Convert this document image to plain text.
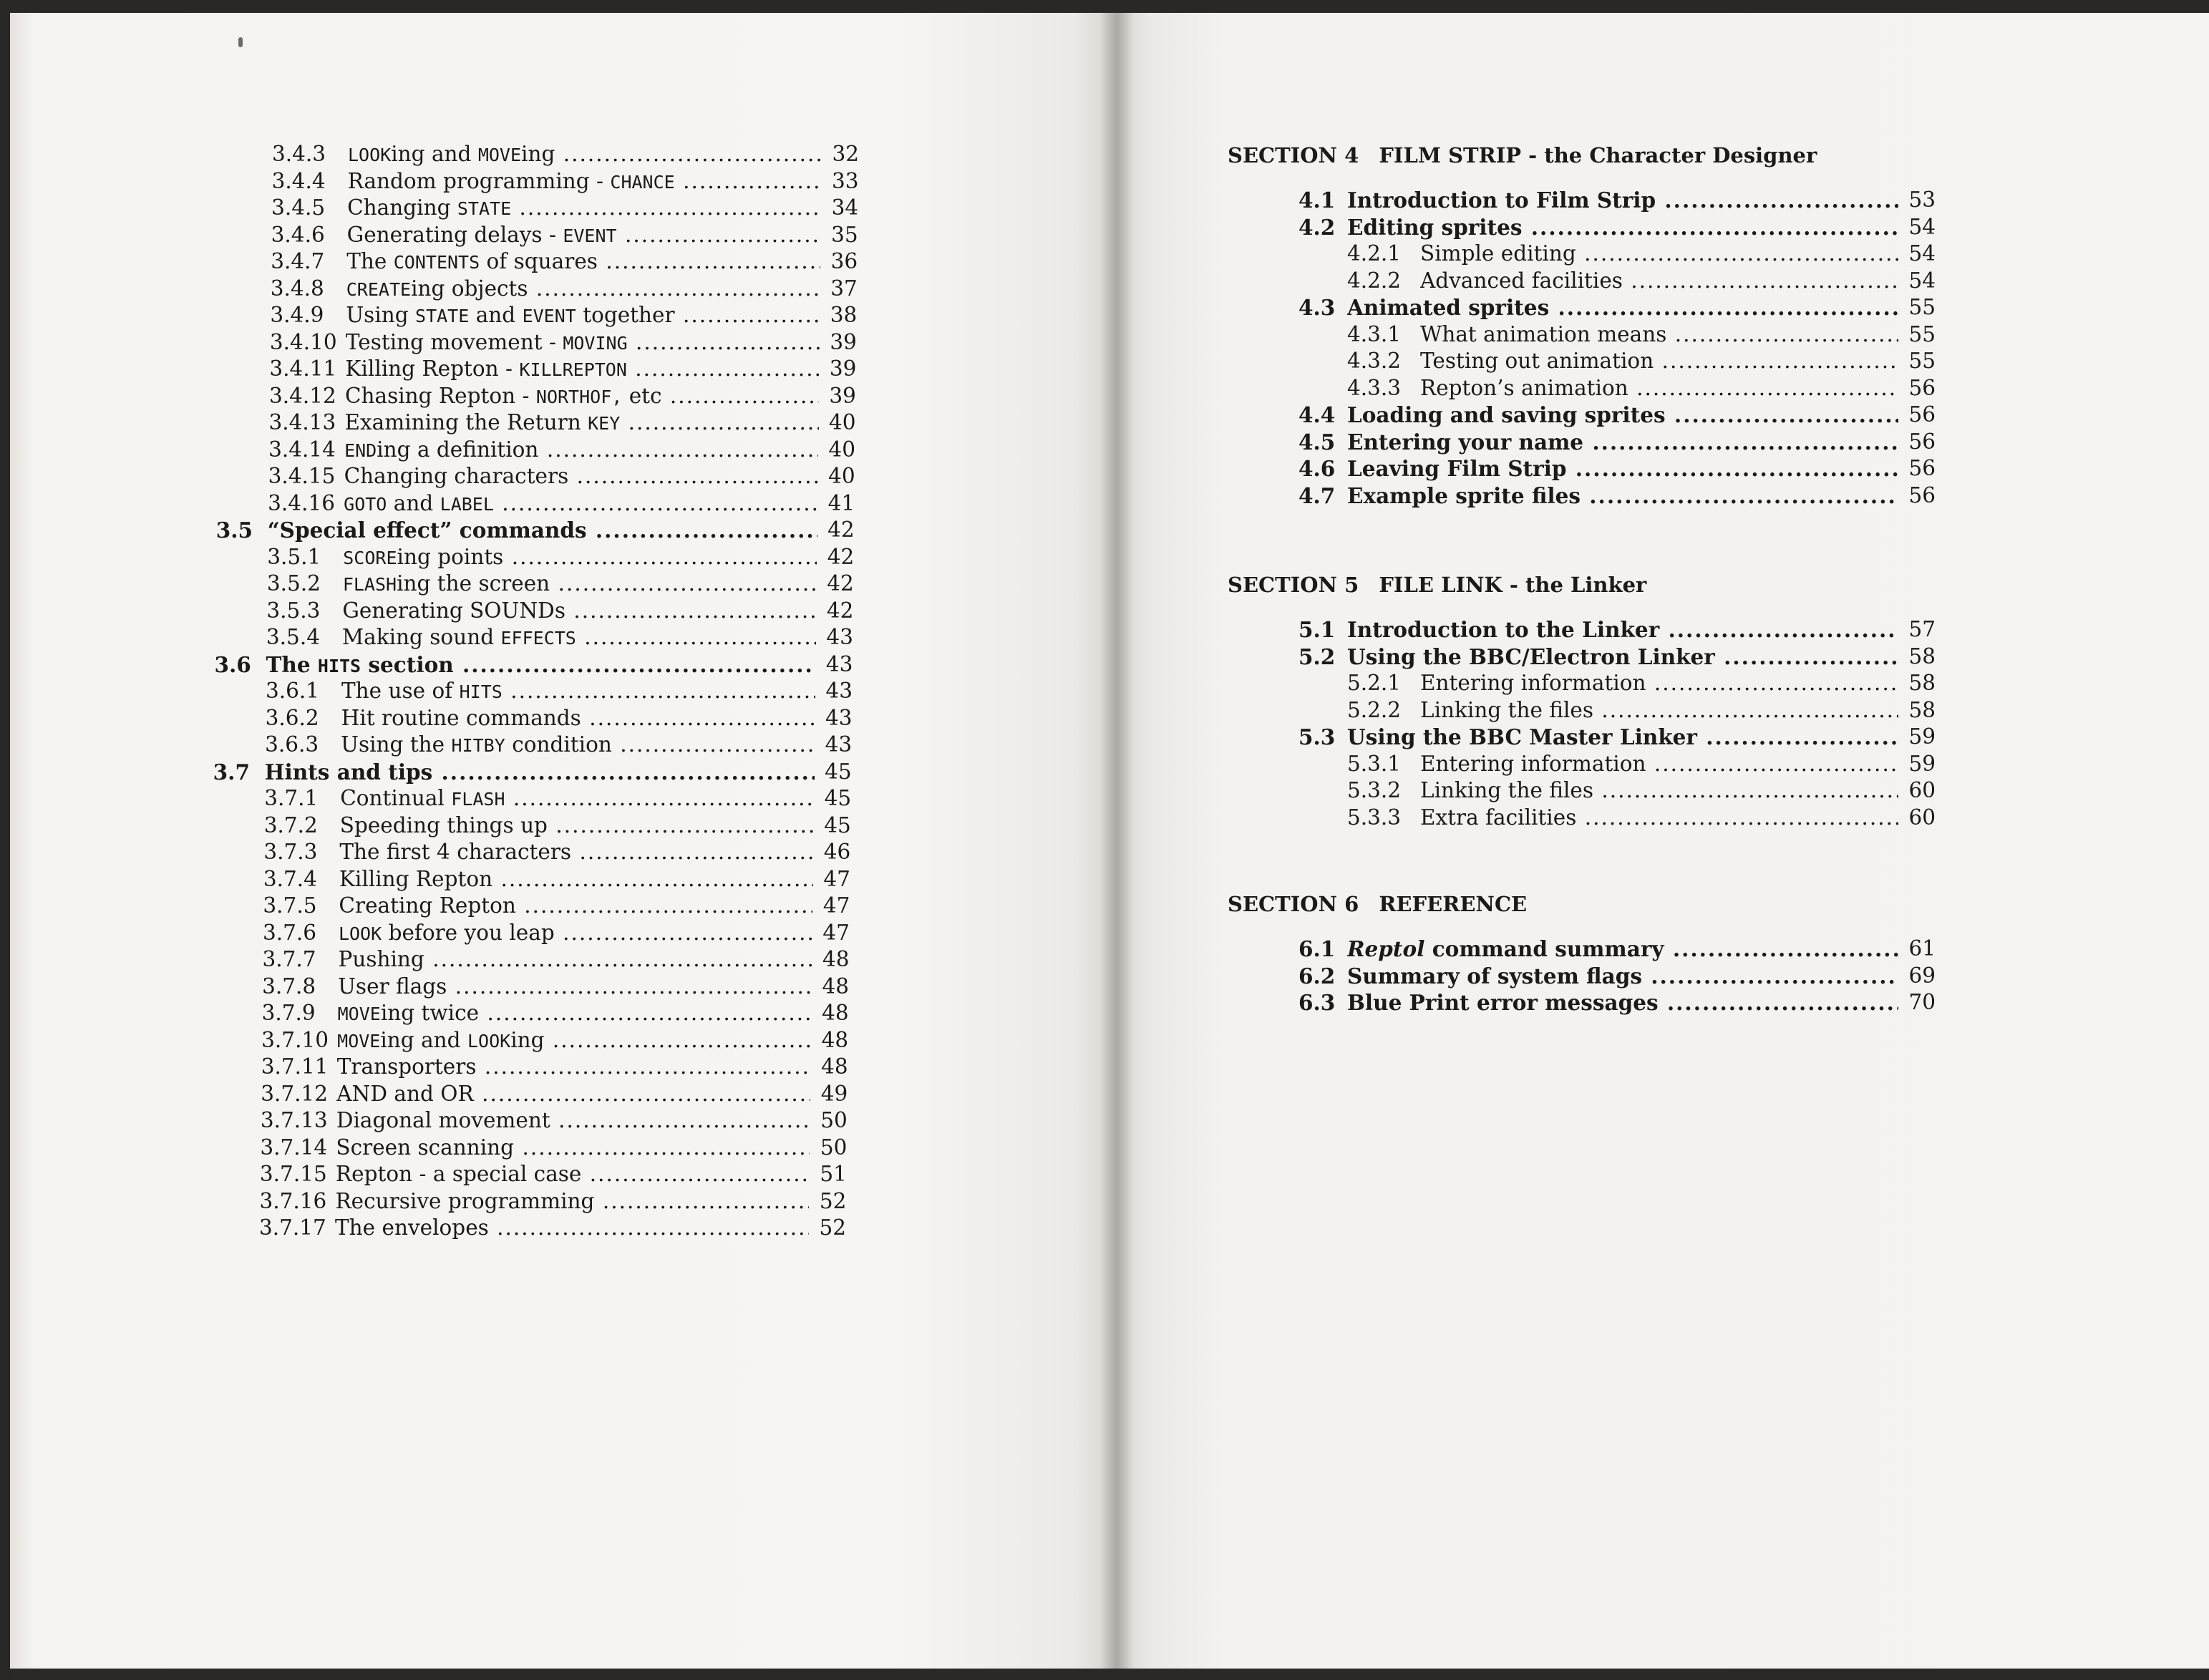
3.4.3 LOOKing and MOVEing .....	32
3.4.4 Random programming - CHANCE .....	33
3.4.5 Changing STATE .....	34
3.4.6 Generating delays - EVENT .....	35
3.4.7 The CONTENTS of squares .....	36
3.4.8 CREATEing objects .....	37
3.4.9 Using STATE and EVENT together .....	38
3.4.10 Testing movement - MOVING .....	39
3.4.11 Killing Repton - KILLREPTON .....	39
3.4.12 Chasing Repton - NORTHOF, etc .....	39
3.4.13 Examining the Return KEY .....	40
3.4.14 ENDing a definition .....	40
3.4.15 Changing characters .....	40
3.4.16 GOTO and LABEL .....	41
3.5 “Special effect” commands .....	42
3.5.1 SCOREing points .....	42
3.5.2 FLASHing the screen .....	42
3.5.3 Generating SOUNDs .....	42
3.5.4 Making sound EFFECTS .....	43
3.6 The HITS section .....	43
3.6.1 The use of HITS .....	43
3.6.2 Hit routine commands .....	43
3.6.3 Using the HITBY condition .....	43
3.7 Hints and tips .....	45
3.7.1 Continual FLASH .....	45
3.7.2 Speeding things up .....	45
3.7.3 The first 4 characters .....	46
3.7.4 Killing Repton .....	47
3.7.5 Creating Repton .....	47
3.7.6 LOOK before you leap .....	47
3.7.7 Pushing .....	48
3.7.8 User flags .....	48
3.7.9 MOVEing twice .....	48
3.7.10 MOVEing and LOOKing .....	48
3.7.11 Transporters .....	48
3.7.12 AND and OR .....	49
3.7.13 Diagonal movement .....	50
3.7.14 Screen scanning .....	50
3.7.15 Repton - a special case .....	51
3.7.16 Recursive programming .....	52
3.7.17 The envelopes .....	52
4.1 Introduction to Film Strip .....	53
4.2 Editing sprites .....	54
4.2.1 Simple editing .....	54
4.2.2 Advanced facilities .....	54
4.3 Animated sprites .....	55
4.3.1 What animation means .....	55
4.3.2 Testing out animation .....	55
4.3.3 Repton’s animation .....	56
4.4 Loading and saving sprites .....	56
4.5 Entering your name .....	56
4.6 Leaving Film Strip .....	56
4.7 Example sprite files .....	56
5.1 Introduction to the Linker .....	57
5.2 Using the BBC/Electron Linker .....	58
5.2.1 Entering information .....	58
5.2.2 Linking the files .....	58
5.3 Using the BBC Master Linker .....	59
5.3.1 Entering information .....	59
5.3.2 Linking the files .....	60
5.3.3 Extra facilities .....	60
6.1 Reptol command summary .....	61
6.2 Summary of system flags .....	69
6.3 Blue Print error messages .....	70
SECTION 4 FILM STRIP - the Character Designer
SECTION 5 FILE LINK - the Linker
SECTION 6 REFERENCE
